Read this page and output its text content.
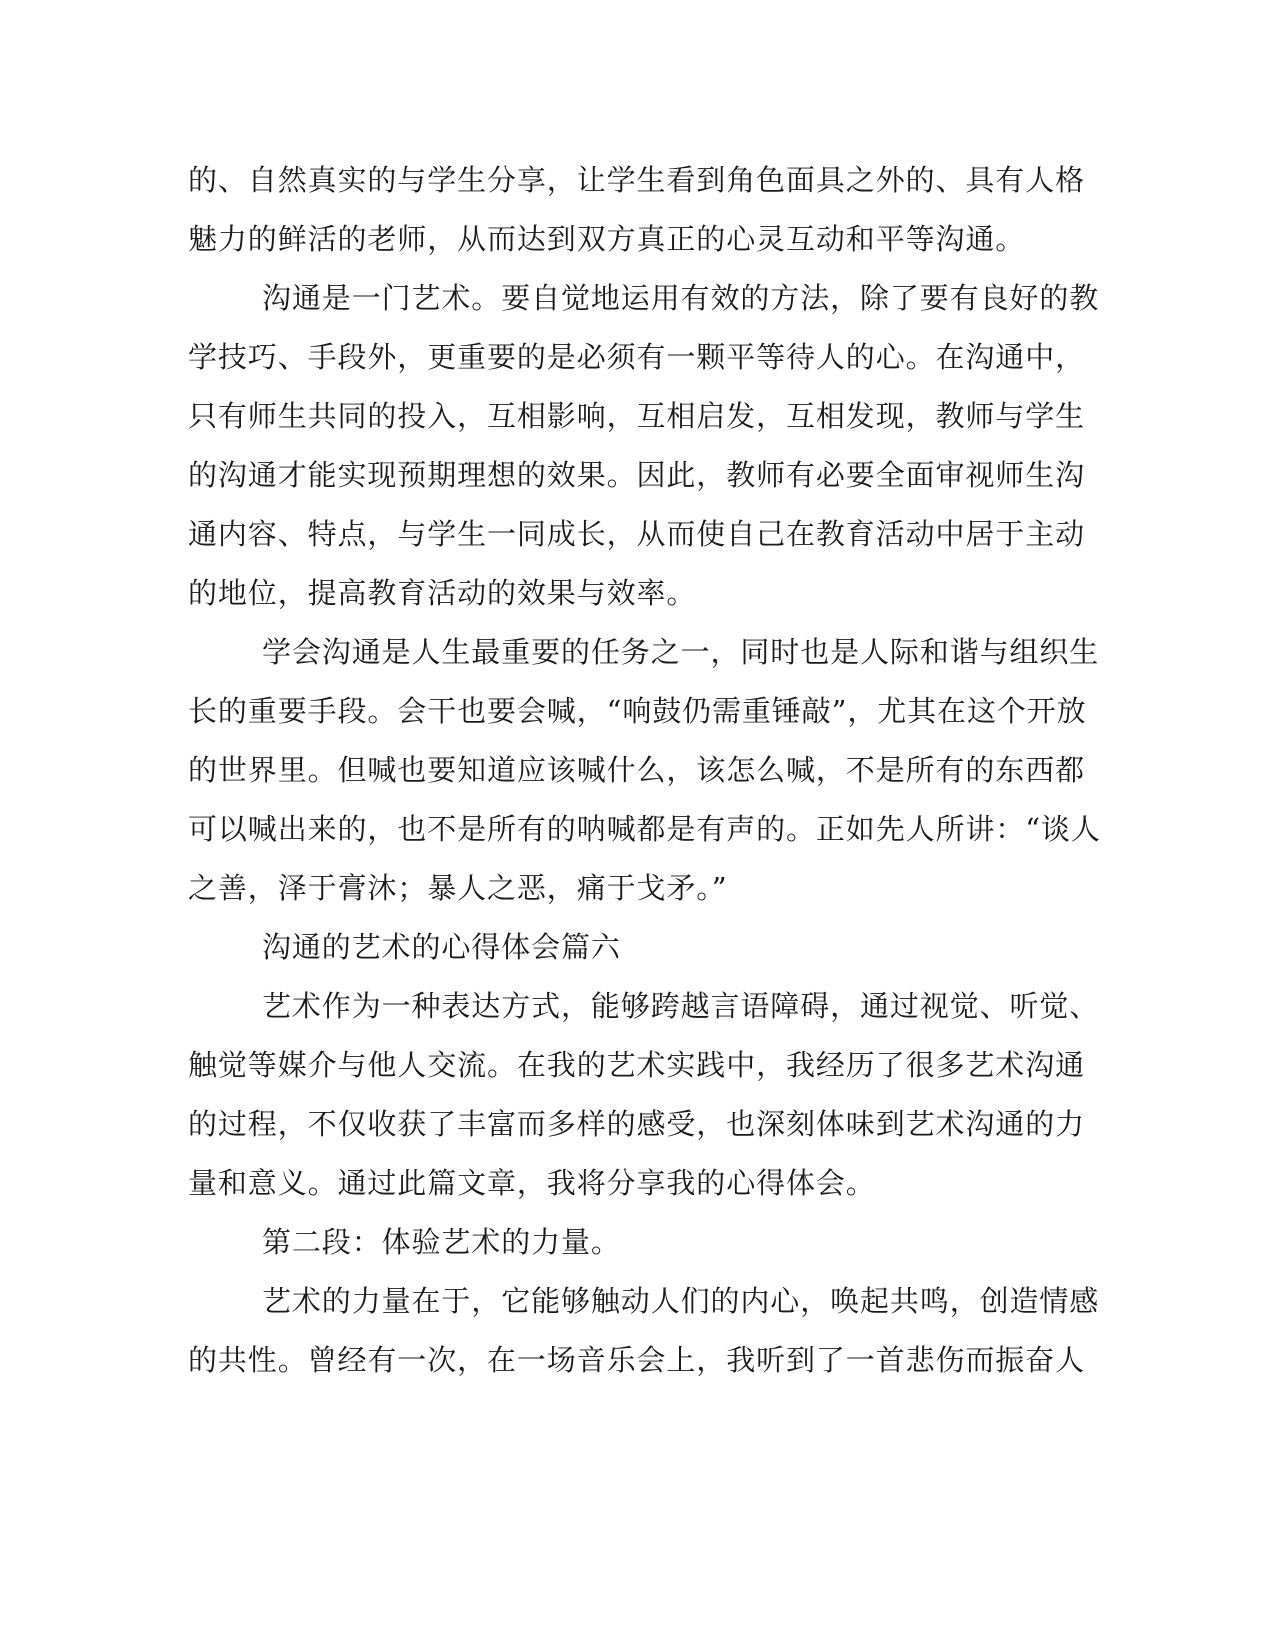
的、自然真实的与学生分享，让学生看到角色面具之外的、具有人格

魅力的鲜活的老师，从而达到双方真正的心灵互动和平等沟通。

沟通是一门艺术。要自觉地运用有效的方法，除了要有良好的教

学技巧、手段外，更重要的是必须有一颗平等待人的心。在沟通中，

只有师生共同的投入，互相影响，互相启发，互相发现，教师与学生

的沟通才能实现预期理想的效果。因此，教师有必要全面审视师生沟

通内容、特点，与学生一同成长，从而使自己在教育活动中居于主动

的地位，提高教育活动的效果与效率。

学会沟通是人生最重要的任务之一，同时也是人际和谐与组织生

长的重要手段。会干也要会喊，“响鼓仍需重锤敲”，尤其在这个开放

的世界里。但喊也要知道应该喊什么，该怎么喊，不是所有的东西都

可以喊出来的，也不是所有的呐喊都是有声的。正如先人所讲：“谈人

之善，泽于膏沐；暴人之恶，痛于戈矛。”

沟通的艺术的心得体会篇六

艺术作为一种表达方式，能够跨越言语障碍，通过视觉、听觉、

触觉等媒介与他人交流。在我的艺术实践中，我经历了很多艺术沟通

的过程，不仅收获了丰富而多样的感受，也深刻体味到艺术沟通的力

量和意义。通过此篇文章，我将分享我的心得体会。

第二段：体验艺术的力量。

艺术的力量在于，它能够触动人们的内心，唤起共鸣，创造情感

的共性。曾经有一次，在一场音乐会上，我听到了一首悲伤而振奋人
